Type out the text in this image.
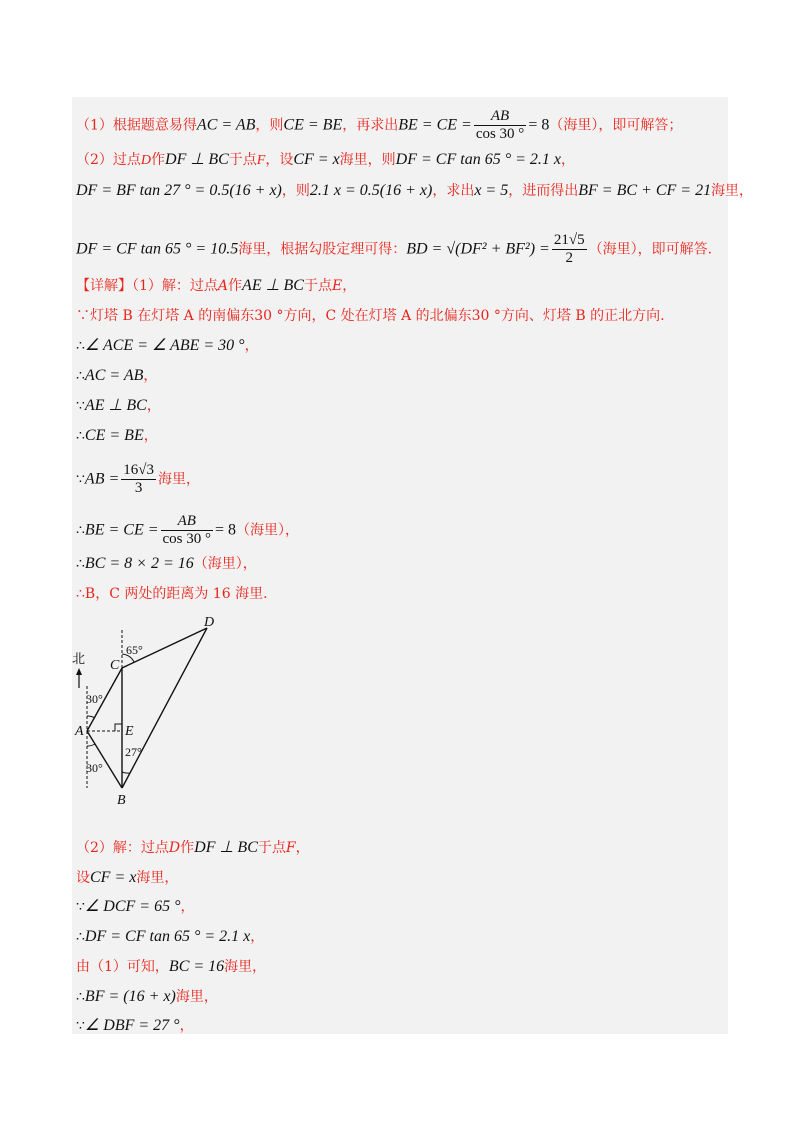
（1）根据题意易得AC = AB，则CE = BE，再求出BE = CE = $\frac{AB}{\cos 30 ^\circ} = 8$（海里），即可解答；
（2）过点D作DF ⊥ BC于点F，设CF = x海里，则DF = CF tan 65 ° = 2.1 x，
DF = BF tan 27 ° = 0.5(16 + x)，则2.1 x = 0.5(16 + x)，求出x = 5，进而得出BF = BC + CF = 21海里，
DF = CF tan 65 ° = 10.5海里，根据勾股定理可得：BD = $√(DF^2 + BF^2) = \frac{21√5}{2}$ （海里），即可解答.
【详解】（1）解：过点A作AE ⊥ BC于点E，
∵灯塔 B 在灯塔 A 的南偏东30 °方向，C 处在灯塔 A 的北偏东30 °方向、灯塔 B 的正北方向.
∴∠ ACE = ∠ ABE = 30 °，
∴AC = AB，
∵AE ⊥ BC，
∴CE = BE，
∵AB = $\frac{16√3}{3}$ 海里，
∴BE = CE = $\frac{AB}{\cos 30 ^\circ} = 8$（海里），
∴BC = 8 × 2 = 16（海里），
∴B，C 两处的距离为 16 海里.
北
A
B
C
D
E
65°
30°
30°
27°
（2）解：过点D作DF ⊥ BC于点F，
设CF = x海里，
∵∠ DCF = 65 °，
∴DF = CF tan 65 ° = 2.1 x，
由（1）可知，BC = 16海里，
∴BF = (16 + x)海里，
∵∠ DBF = 27 °，
